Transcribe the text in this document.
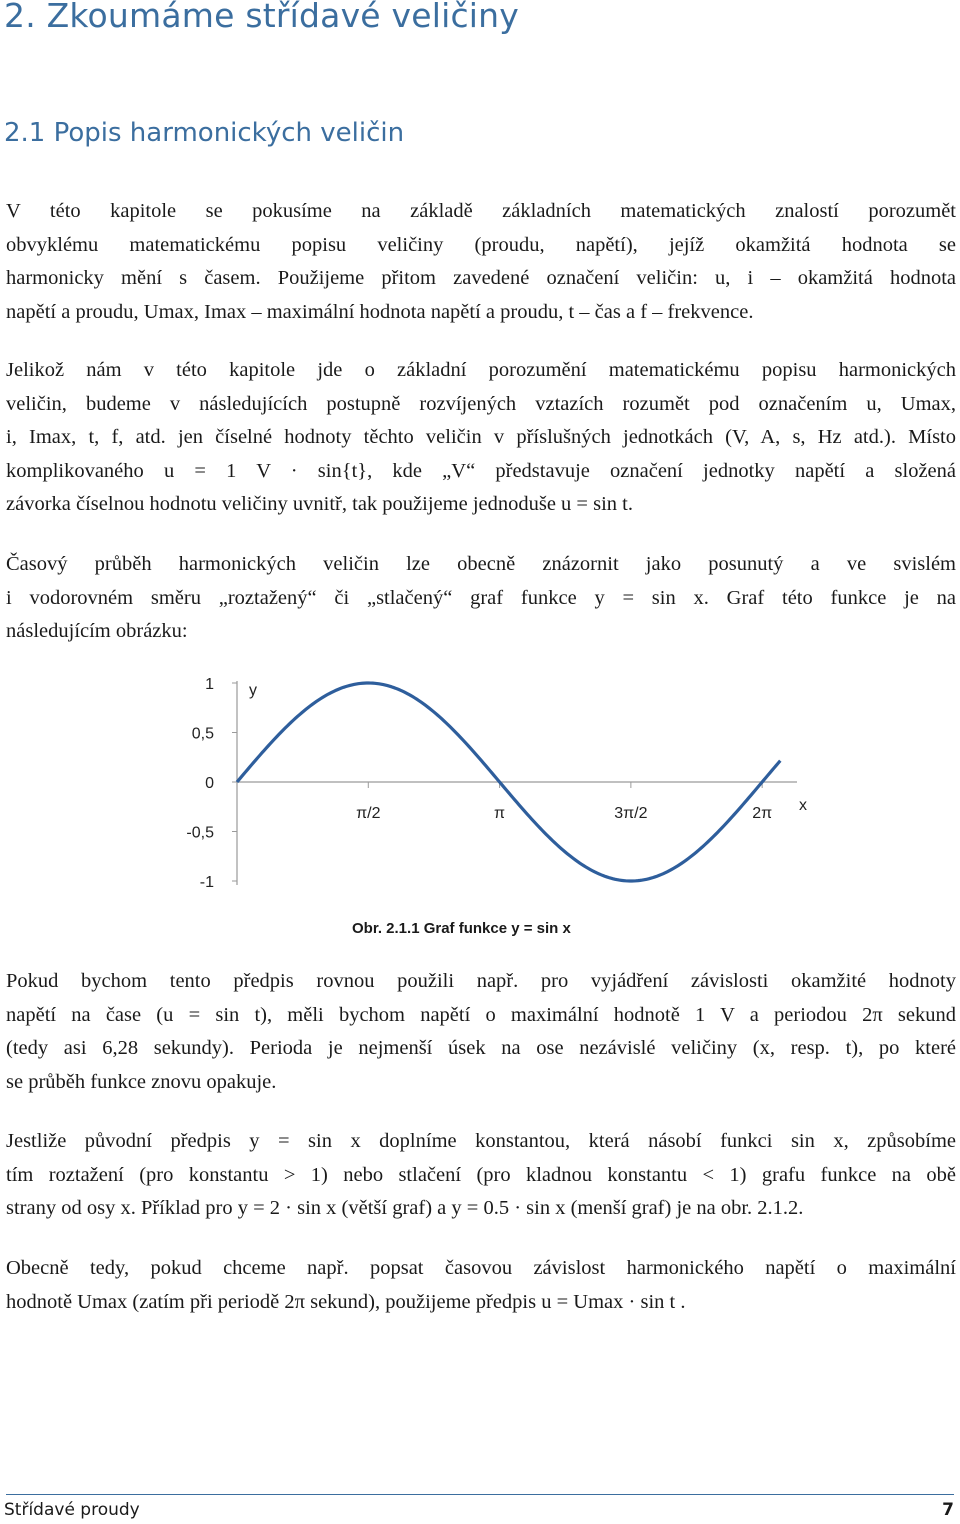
2. Zkoumáme střídavé veličiny
2.1 Popis harmonických veličin
V této kapitole se pokusíme na základě základních matematických znalostí porozumět
obvyklému matematickému popisu veličiny (proudu, napětí), jejíž okamžitá hodnota se
harmonicky mění s časem. Použijeme přitom zavedené označení veličin: u, i – okamžitá hodnota
napětí a proudu, Umax, Imax – maximální hodnota napětí a proudu, t – čas a f – frekvence.
Jelikož nám v této kapitole jde o základní porozumění matematickému popisu harmonických
veličin, budeme v následujících postupně rozvíjených vztazích rozumět pod označením u, Umax,
i, Imax, t, f, atd. jen číselné hodnoty těchto veličin v příslušných jednotkách (V, A, s, Hz atd.). Místo
komplikovaného u = 1 V · sin{t}, kde „V“ představuje označení jednotky napětí a složená
závorka číselnou hodnotu veličiny uvnitř, tak použijeme jednoduše u = sin t.
Časový průběh harmonických veličin lze obecně znázornit jako posunutý a ve svislém
i vodorovném směru „roztažený“ či „stlačený“ graf funkce y = sin x. Graf této funkce je na
následujícím obrázku:
1
0,5
0
-0,5
-1
π/2	π	3π/2	2π
y
x
Obr. 2.1.1 Graf funkce y = sin x
Pokud bychom tento předpis rovnou použili např. pro vyjádření závislosti okamžité hodnoty
napětí na čase (u = sin t), měli bychom napětí o maximální hodnotě 1 V a periodou 2π sekund
(tedy asi 6,28 sekundy). Perioda je nejmenší úsek na ose nezávislé veličiny (x, resp. t), po které
se průběh funkce znovu opakuje.
Jestliže původní předpis y = sin x doplníme konstantou, která násobí funkci sin x, způsobíme
tím roztažení (pro konstantu > 1) nebo stlačení (pro kladnou konstantu < 1) grafu funkce na obě
strany od osy x. Příklad pro y = 2 · sin x (větší graf) a y = 0.5 · sin x (menší graf) je na obr. 2.1.2.
Obecně tedy, pokud chceme např. popsat časovou závislost harmonického napětí o maximální
hodnotě Umax (zatím při periodě 2π sekund), použijeme předpis u = Umax · sin t .
Střídavé proudy	7
